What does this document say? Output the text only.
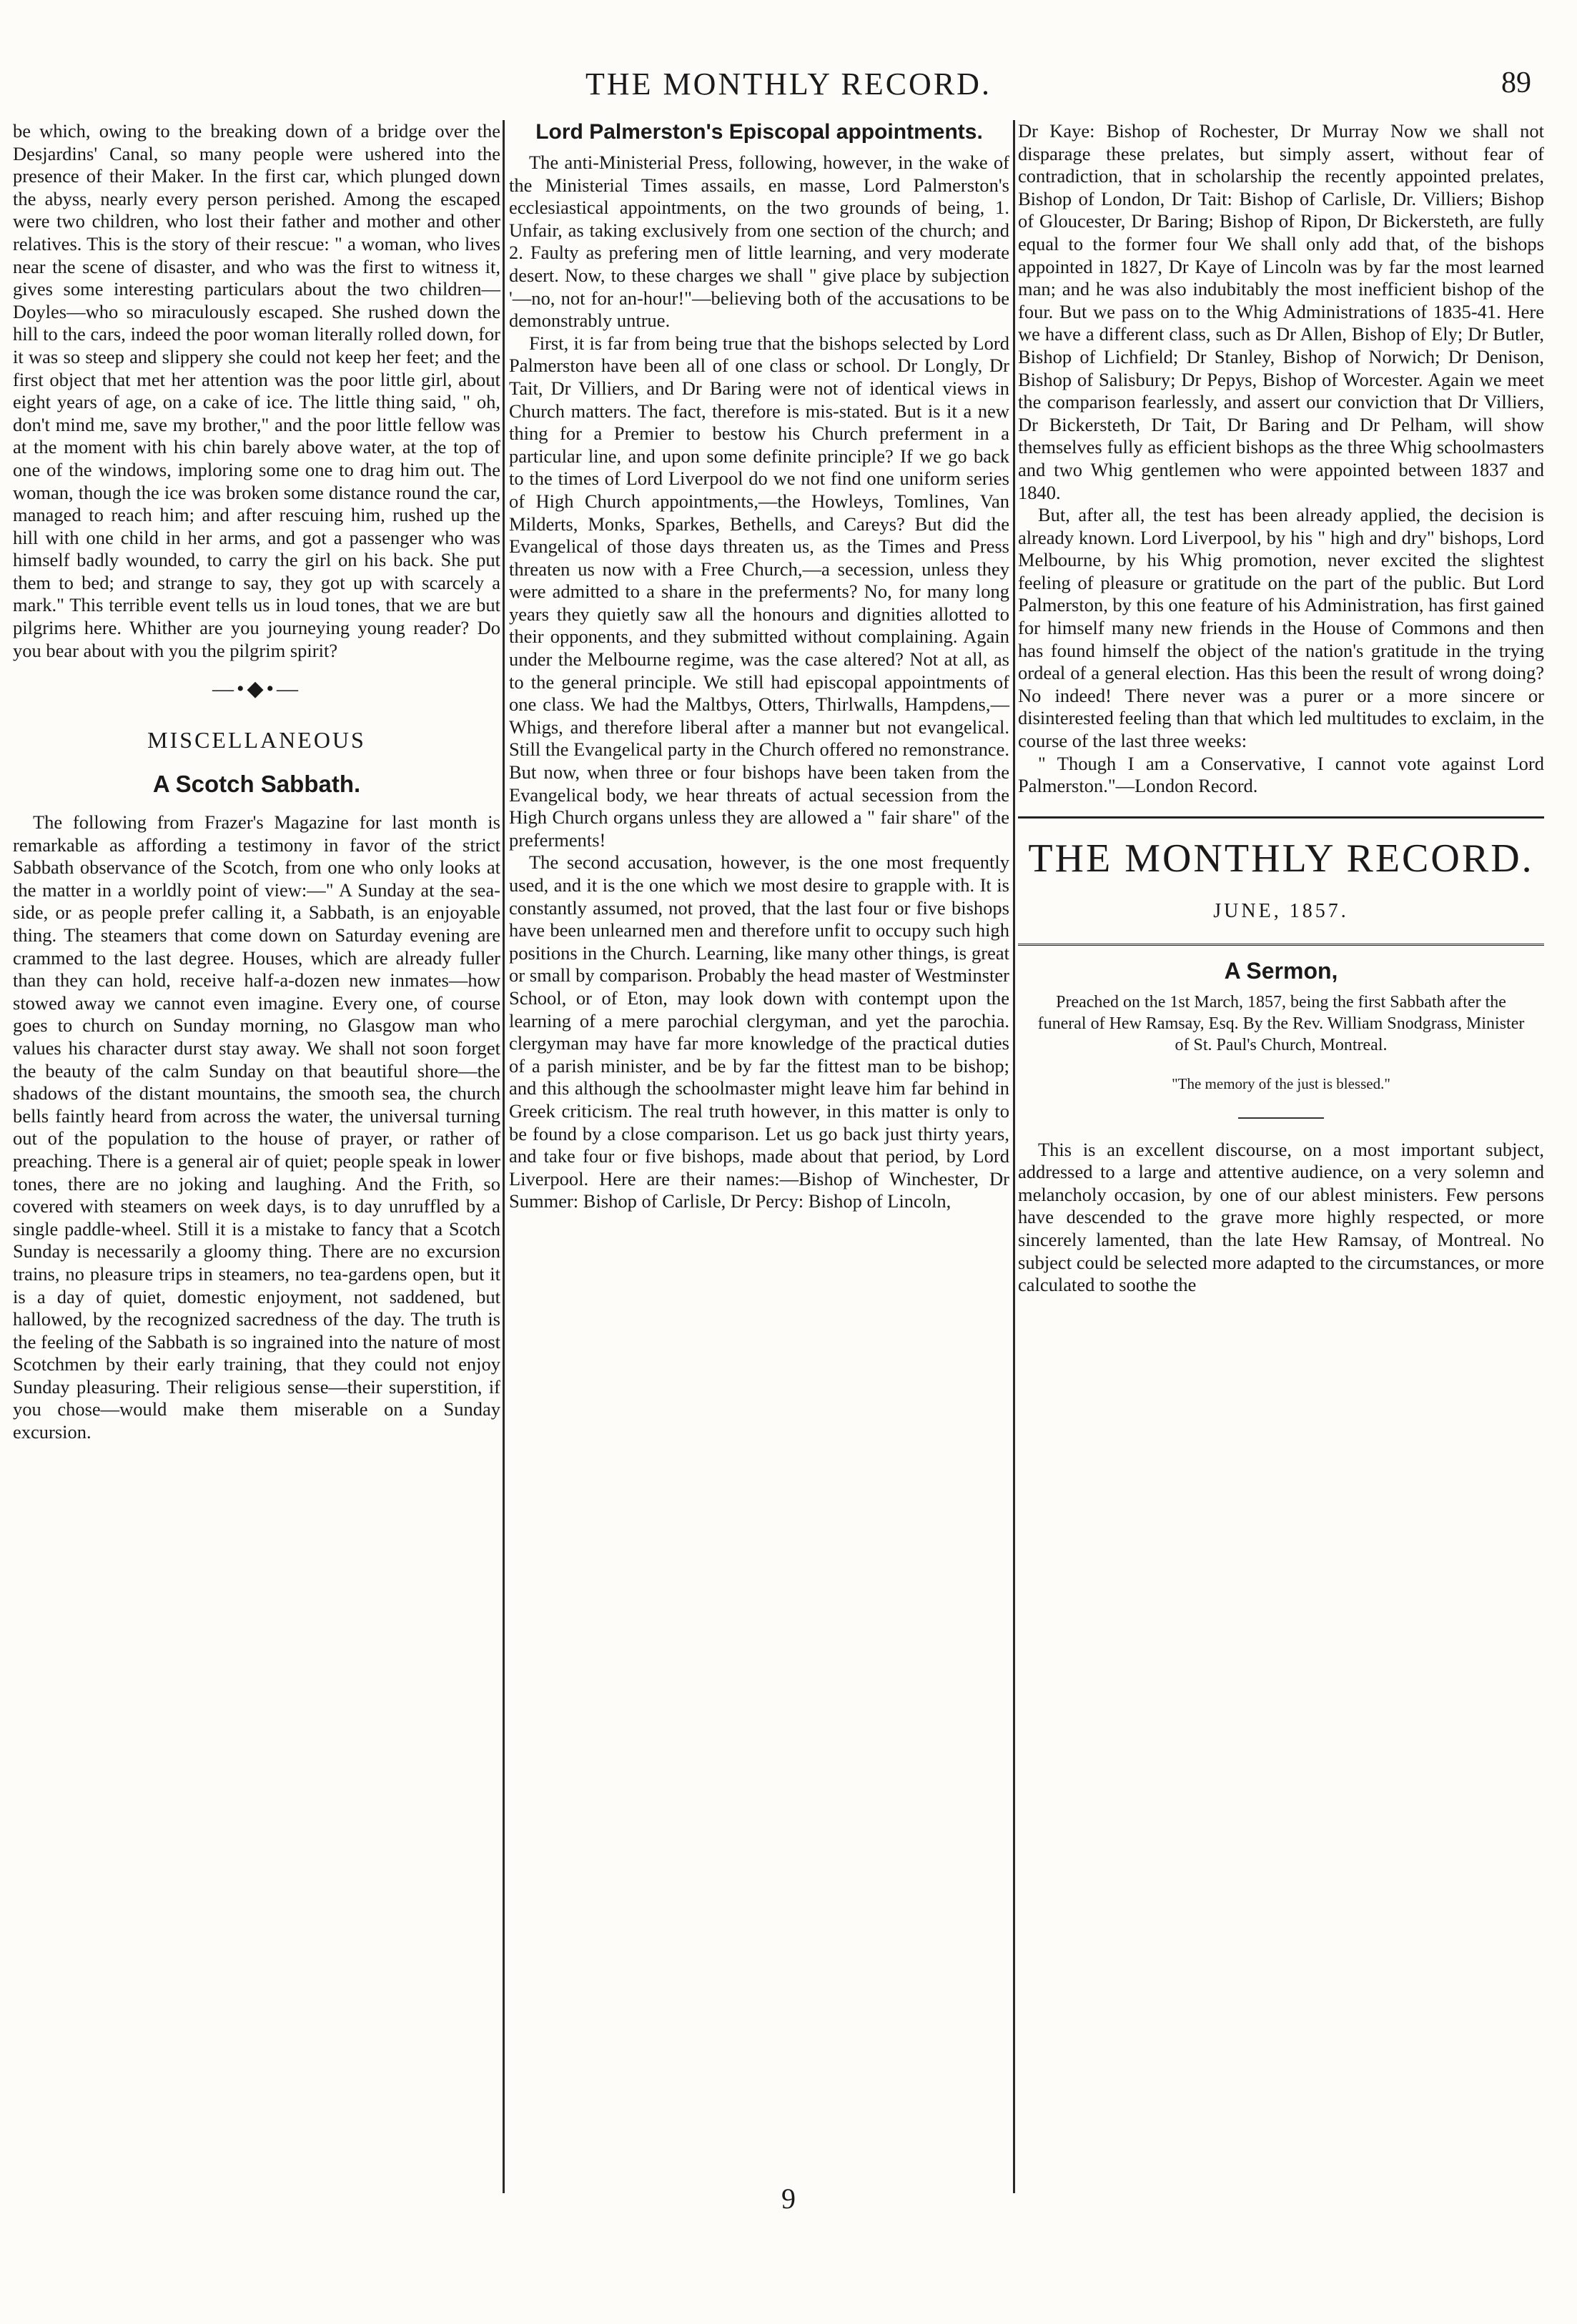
THE MONTHLY RECORD.	89

be which, owing to the breaking down of a bridge over the Desjardins' Canal, so many people were ushered into the presence of their Maker. In the first car, which plunged down the abyss, nearly every person perished. Among the escaped were two children, who lost their father and mother and other relatives. This is the story of their rescue: " a woman, who lives near the scene of disaster, and who was the first to witness it, gives some interesting particulars about the two children—Doyles—who so miraculously escaped. She rushed down the hill to the cars, indeed the poor woman literally rolled down, for it was so steep and slippery she could not keep her feet; and the first object that met her attention was the poor little girl, about eight years of age, on a cake of ice. The little thing said, " oh, don't mind me, save my brother," and the poor little fellow was at the moment with his chin barely above water, at the top of one of the windows, imploring some one to drag him out. The woman, though the ice was broken some distance round the car, managed to reach him; and after rescuing him, rushed up the hill with one child in her arms, and got a passenger who was himself badly wounded, to carry the girl on his back. She put them to bed; and strange to say, they got up with scarcely a mark." This terrible event tells us in loud tones, that we are but pilgrims here. Whither are you journeying young reader? Do you bear about with you the pilgrim spirit?

—•◆•—
MISCELLANEOUS
A Scotch Sabbath.

The following from Frazer's Magazine for last month is remarkable as affording a testimony in favor of the strict Sabbath observance of the Scotch, from one who only looks at the matter in a worldly point of view:—" A Sunday at the sea-side, or as people prefer calling it, a Sabbath, is an enjoyable thing. The steamers that come down on Saturday evening are crammed to the last degree. Houses, which are already fuller than they can hold, receive half-a-dozen new inmates—how stowed away we cannot even imagine. Every one, of course goes to church on Sunday morning, no Glasgow man who values his character durst stay away. We shall not soon forget the beauty of the calm Sunday on that beautiful shore—the shadows of the distant mountains, the smooth sea, the church bells faintly heard from across the water, the universal turning out of the population to the house of prayer, or rather of preaching. There is a general air of quiet; people speak in lower tones, there are no joking and laughing. And the Frith, so covered with steamers on week days, is to day unruffled by a single paddle-wheel. Still it is a mistake to fancy that a Scotch Sunday is necessarily a gloomy thing. There are no excursion trains, no pleasure trips in steamers, no tea-gardens open, but it is a day of quiet, domestic enjoyment, not saddened, but hallowed, by the recognized sacredness of the day. The truth is the feeling of the Sabbath is so ingrained into the nature of most Scotchmen by their early training, that they could not enjoy Sunday pleasuring. Their religious sense—their superstition, if you chose—would make them miserable on a Sunday excursion.

Lord Palmerston's Episcopal appointments.

The anti-Ministerial Press, following, however, in the wake of the Ministerial Times assails, en masse, Lord Palmerston's ecclesiastical appointments, on the two grounds of being, 1. Unfair, as taking exclusively from one section of the church; and 2. Faulty as prefering men of little learning, and very moderate desert. Now, to these charges we shall " give place by subjection '—no, not for an-hour!"—believing both of the accusations to be demonstrably untrue.

First, it is far from being true that the bishops selected by Lord Palmerston have been all of one class or school. Dr Longly, Dr Tait, Dr Villiers, and Dr Baring were not of identical views in Church matters. The fact, therefore is mis-stated. But is it a new thing for a Premier to bestow his Church preferment in a particular line, and upon some definite principle? If we go back to the times of Lord Liverpool do we not find one uniform series of High Church appointments,—the Howleys, Tomlines, Van Milderts, Monks, Sparkes, Bethells, and Careys? But did the Evangelical of those days threaten us, as the Times and Press threaten us now with a Free Church,—a secession, unless they were admitted to a share in the preferments? No, for many long years they quietly saw all the honours and dignities allotted to their opponents, and they submitted without complaining. Again under the Melbourne regime, was the case altered? Not at all, as to the general principle. We still had episcopal appointments of one class. We had the Maltbys, Otters, Thirlwalls, Hampdens,—Whigs, and therefore liberal after a manner but not evangelical. Still the Evangelical party in the Church offered no remonstrance. But now, when three or four bishops have been taken from the Evangelical body, we hear threats of actual secession from the High Church organs unless they are allowed a " fair share" of the preferments!

The second accusation, however, is the one most frequently used, and it is the one which we most desire to grapple with. It is constantly assumed, not proved, that the last four or five bishops have been unlearned men and therefore unfit to occupy such high positions in the Church. Learning, like many other things, is great or small by comparison. Probably the head master of Westminster School, or of Eton, may look down with contempt upon the learning of a mere parochial clergyman, and yet the parochia. clergyman may have far more knowledge of the practical duties of a parish minister, and be by far the fittest man to be bishop; and this although the schoolmaster might leave him far behind in Greek criticism. The real truth however, in this matter is only to be found by a close comparison. Let us go back just thirty years, and take four or five bishops, made about that period, by Lord Liverpool. Here are their names:—Bishop of Winchester, Dr Summer: Bishop of Carlisle, Dr Percy: Bishop of Lincoln,

Dr Kaye: Bishop of Rochester, Dr Murray Now we shall not disparage these prelates, but simply assert, without fear of contradiction, that in scholarship the recently appointed prelates, Bishop of London, Dr Tait: Bishop of Carlisle, Dr. Villiers; Bishop of Gloucester, Dr Baring; Bishop of Ripon, Dr Bickersteth, are fully equal to the former four We shall only add that, of the bishops appointed in 1827, Dr Kaye of Lincoln was by far the most learned man; and he was also indubitably the most inefficient bishop of the four. But we pass on to the Whig Administrations of 1835-41. Here we have a different class, such as Dr Allen, Bishop of Ely; Dr Butler, Bishop of Lichfield; Dr Stanley, Bishop of Norwich; Dr Denison, Bishop of Salisbury; Dr Pepys, Bishop of Worcester. Again we meet the comparison fearlessly, and assert our conviction that Dr Villiers, Dr Bickersteth, Dr Tait, Dr Baring and Dr Pelham, will show themselves fully as efficient bishops as the three Whig schoolmasters and two Whig gentlemen who were appointed between 1837 and 1840.

But, after all, the test has been already applied, the decision is already known. Lord Liverpool, by his " high and dry" bishops, Lord Melbourne, by his Whig promotion, never excited the slightest feeling of pleasure or gratitude on the part of the public. But Lord Palmerston, by this one feature of his Administration, has first gained for himself many new friends in the House of Commons and then has found himself the object of the nation's gratitude in the trying ordeal of a general election. Has this been the result of wrong doing? No indeed! There never was a purer or a more sincere or disinterested feeling than that which led multitudes to exclaim, in the course of the last three weeks:

" Though I am a Conservative, I cannot vote against Lord Palmerston."—London Record.

THE MONTHLY RECORD.
JUNE, 1857.
A Sermon,
Preached on the 1st March, 1857, being the first Sabbath after the funeral of Hew Ramsay, Esq. By the Rev. William Snodgrass, Minister of St. Paul's Church, Montreal.
"The memory of the just is blessed."

This is an excellent discourse, on a most important subject, addressed to a large and attentive audience, on a very solemn and melancholy occasion, by one of our ablest ministers. Few persons have descended to the grave more highly respected, or more sincerely lamented, than the late Hew Ramsay, of Montreal. No subject could be selected more adapted to the circumstances, or more calculated to soothe the

9
